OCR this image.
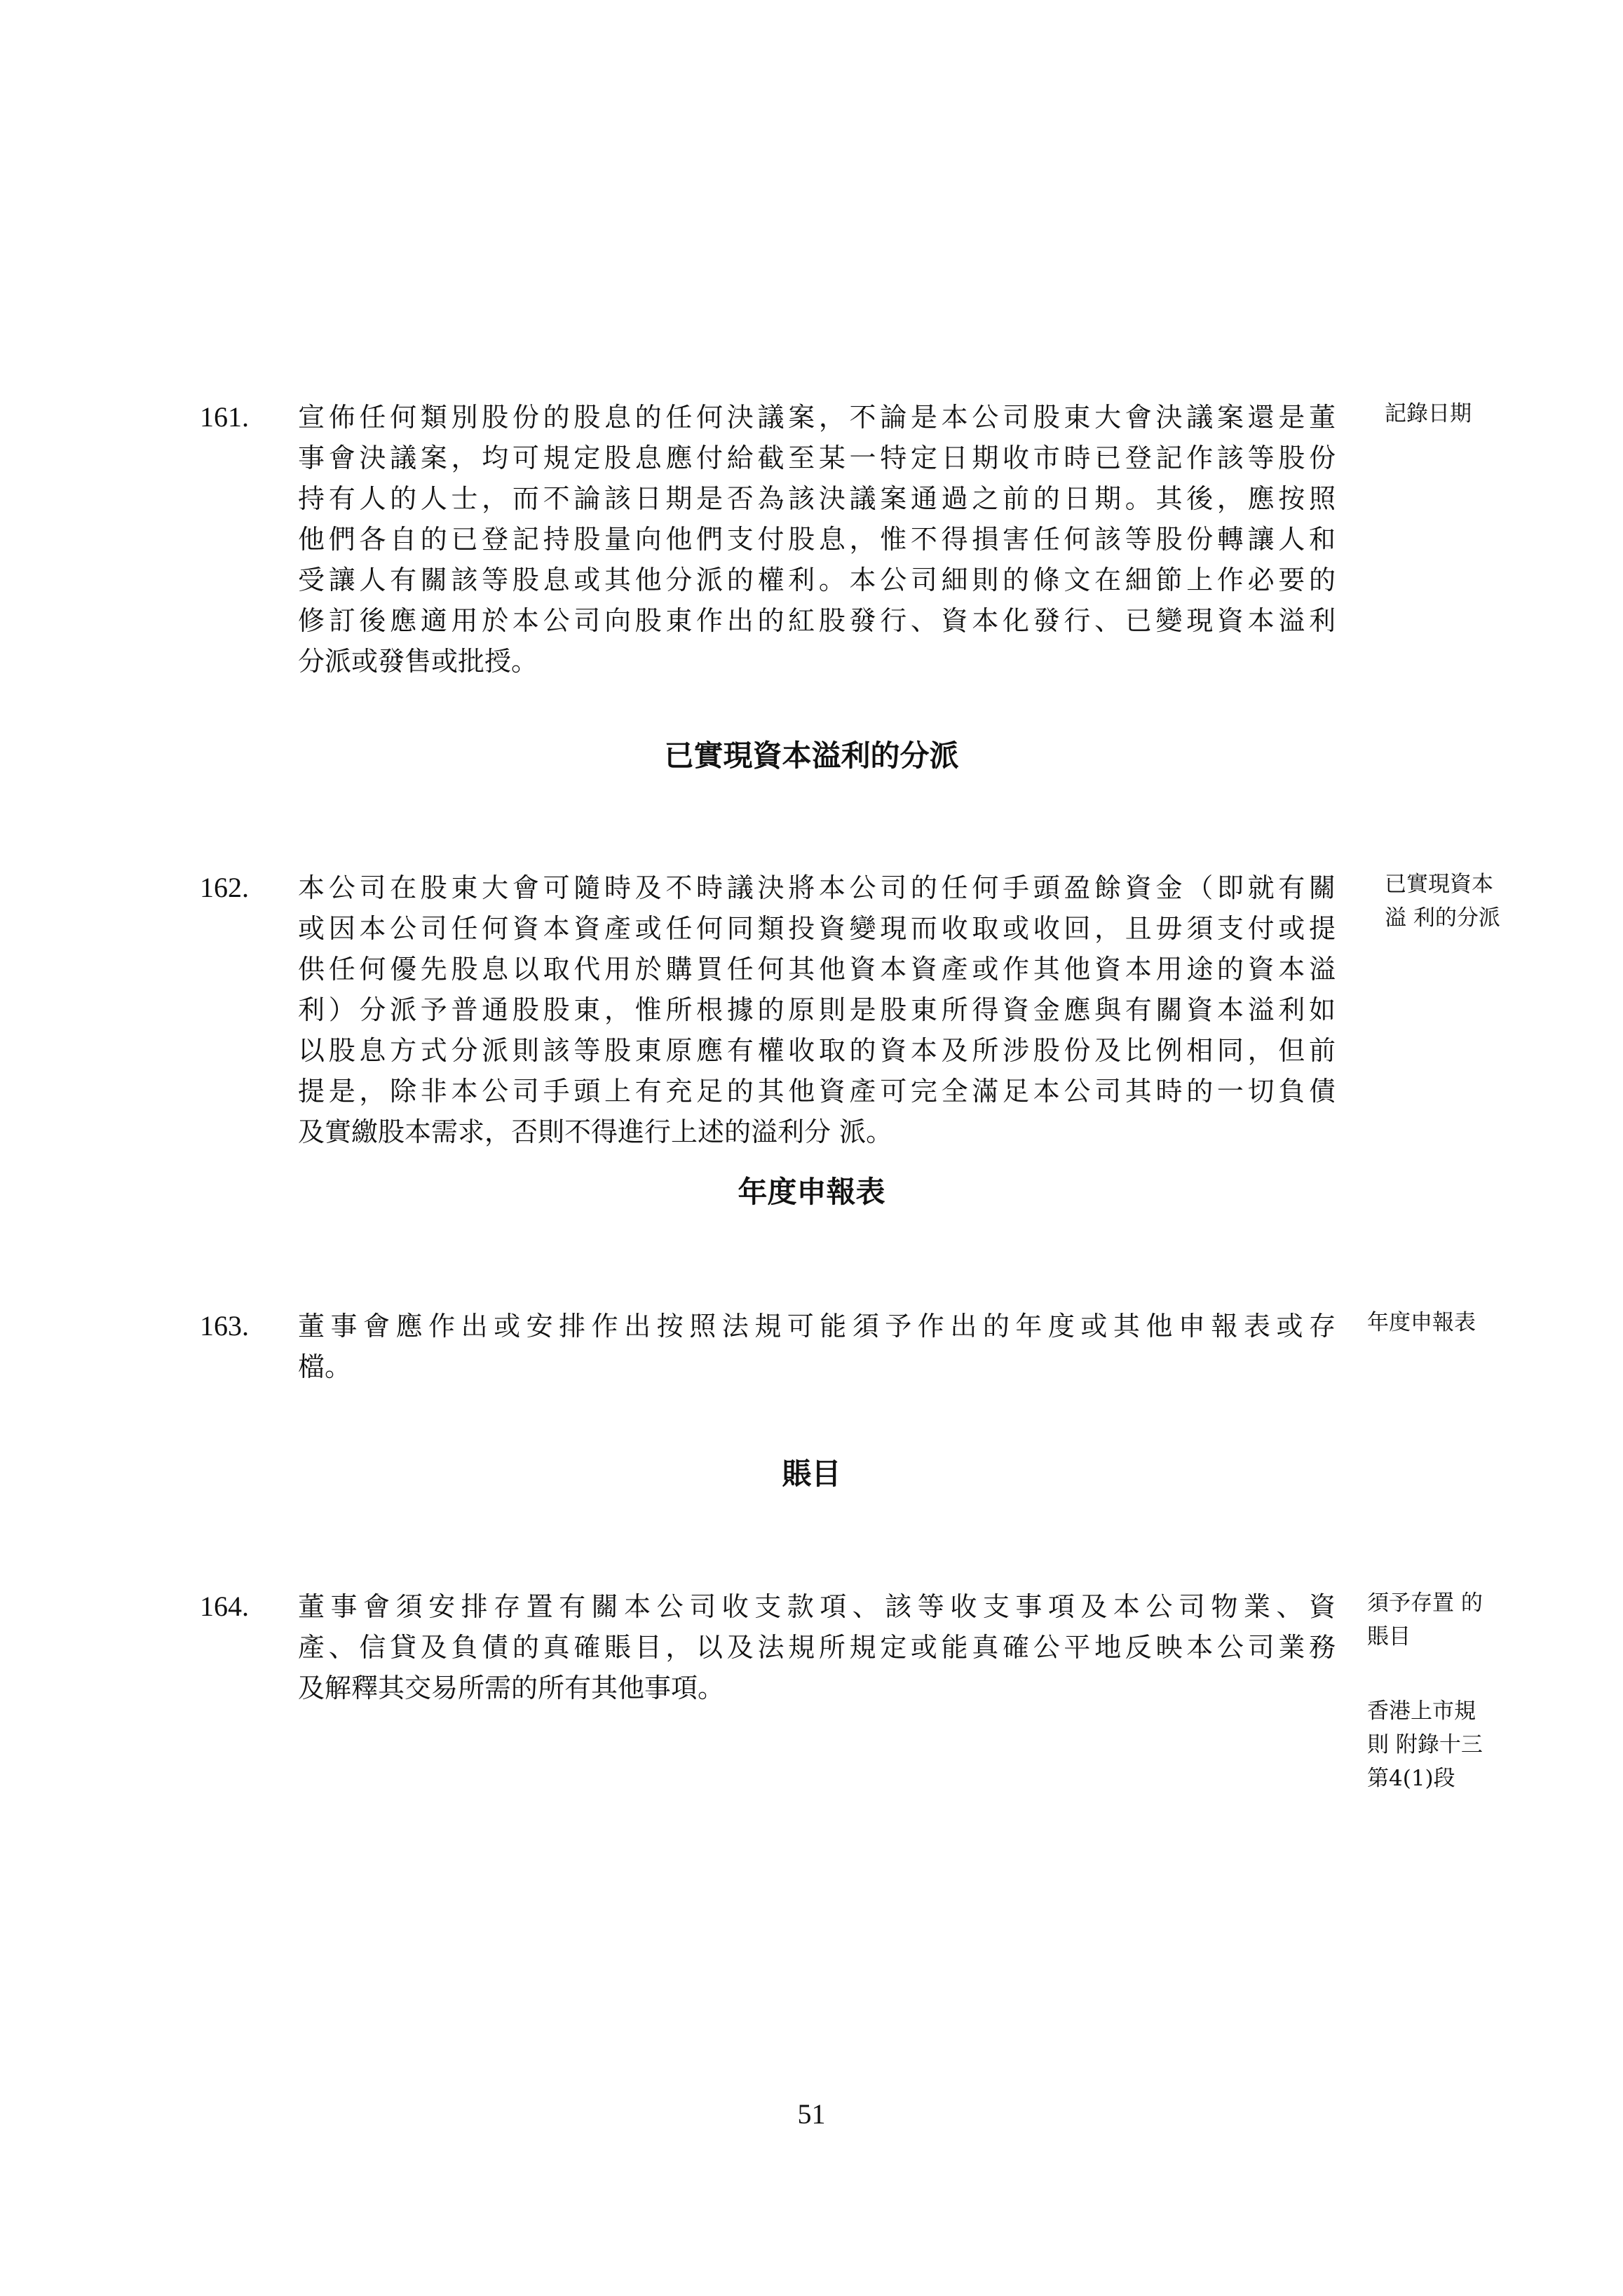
161. 宣佈任何類別股份的股息的任何決議案，不論是本公司股東大會決議案還是董
事會決議案，均可規定股息應付給截至某一特定日期收市時已登記作該等股份
持有人的人士，而不論該日期是否為該決議案通過之前的日期。其後，應按照
他們各自的已登記持股量向他們支付股息，惟不得損害任何該等股份轉讓人和
受讓人有關該等股息或其他分派的權利。本公司細則的條文在細節上作必要的
修訂後應適用於本公司向股東作出的紅股發行、資本化發行、已變現資本溢利
分派或發售或批授。
記錄日期
已實現資本溢利的分派
162. 本公司在股東大會可隨時及不時議決將本公司的任何手頭盈餘資金（即就有關
或因本公司任何資本資產或任何同類投資變現而收取或收回，且毋須支付或提
供任何優先股息以取代用於購買任何其他資本資產或作其他資本用途的資本溢
利）分派予普通股股東，惟所根據的原則是股東所得資金應與有關資本溢利如
以股息方式分派則該等股東原應有權收取的資本及所涉股份及比例相同，但前
提是，除非本公司手頭上有充足的其他資產可完全滿足本公司其時的一切負債
及實繳股本需求，否則不得進行上述的溢利分 派。
已實現資本
溢 利的分派
年度申報表
163. 董事會應作出或安排作出按照法規可能須予作出的年度或其他申報表或存
檔。
年度申報表
賬目
164. 董事會須安排存置有關本公司收支款項、該等收支事項及本公司物業、資
產、信貸及負債的真確賬目，以及法規所規定或能真確公平地反映本公司業務
及解釋其交易所需的所有其他事項。
須予存置 的
賬目
香港上市規
則 附錄十三
第4(1)段
51
